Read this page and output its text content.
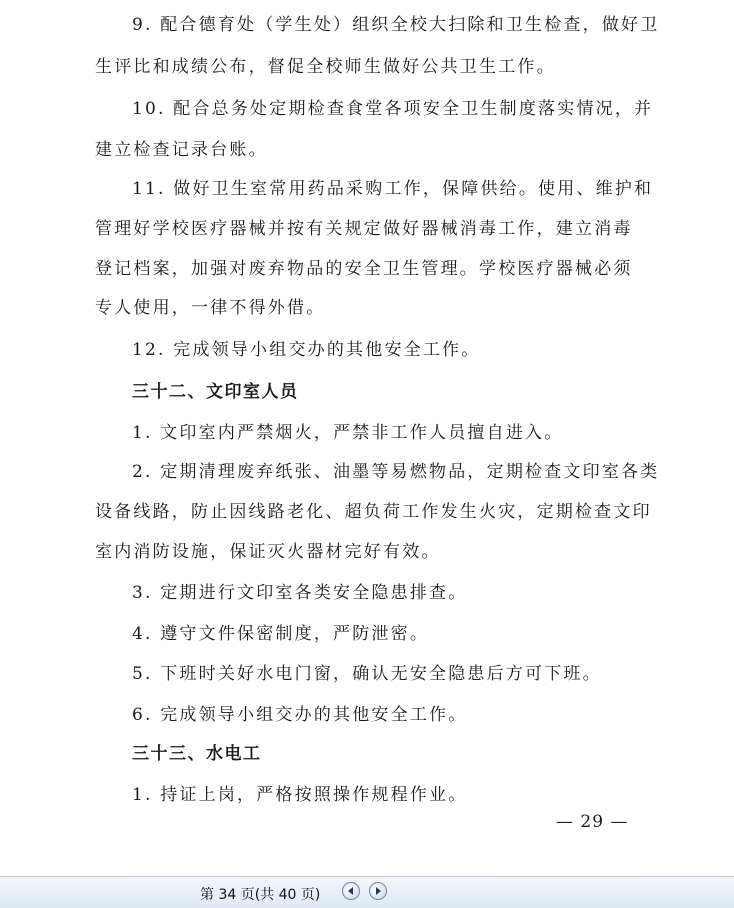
9. 配合德育处（学生处）组织全校大扫除和卫生检查，做好卫
生评比和成绩公布，督促全校师生做好公共卫生工作。
10. 配合总务处定期检查食堂各项安全卫生制度落实情况，并
建立检查记录台账。
11. 做好卫生室常用药品采购工作，保障供给。使用、维护和
管理好学校医疗器械并按有关规定做好器械消毒工作，建立消毒
登记档案，加强对废弃物品的安全卫生管理。学校医疗器械必须
专人使用，一律不得外借。
12. 完成领导小组交办的其他安全工作。
三十二、文印室人员
1. 文印室内严禁烟火，严禁非工作人员擅自进入。
2. 定期清理废弃纸张、油墨等易燃物品，定期检查文印室各类
设备线路，防止因线路老化、超负荷工作发生火灾，定期检查文印
室内消防设施，保证灭火器材完好有效。
3. 定期进行文印室各类安全隐患排查。
4. 遵守文件保密制度，严防泄密。
5. 下班时关好水电门窗，确认无安全隐患后方可下班。
6. 完成领导小组交办的其他安全工作。
三十三、水电工
1. 持证上岗，严格按照操作规程作业。
— 29 —
第 34 页(共 40 页)
